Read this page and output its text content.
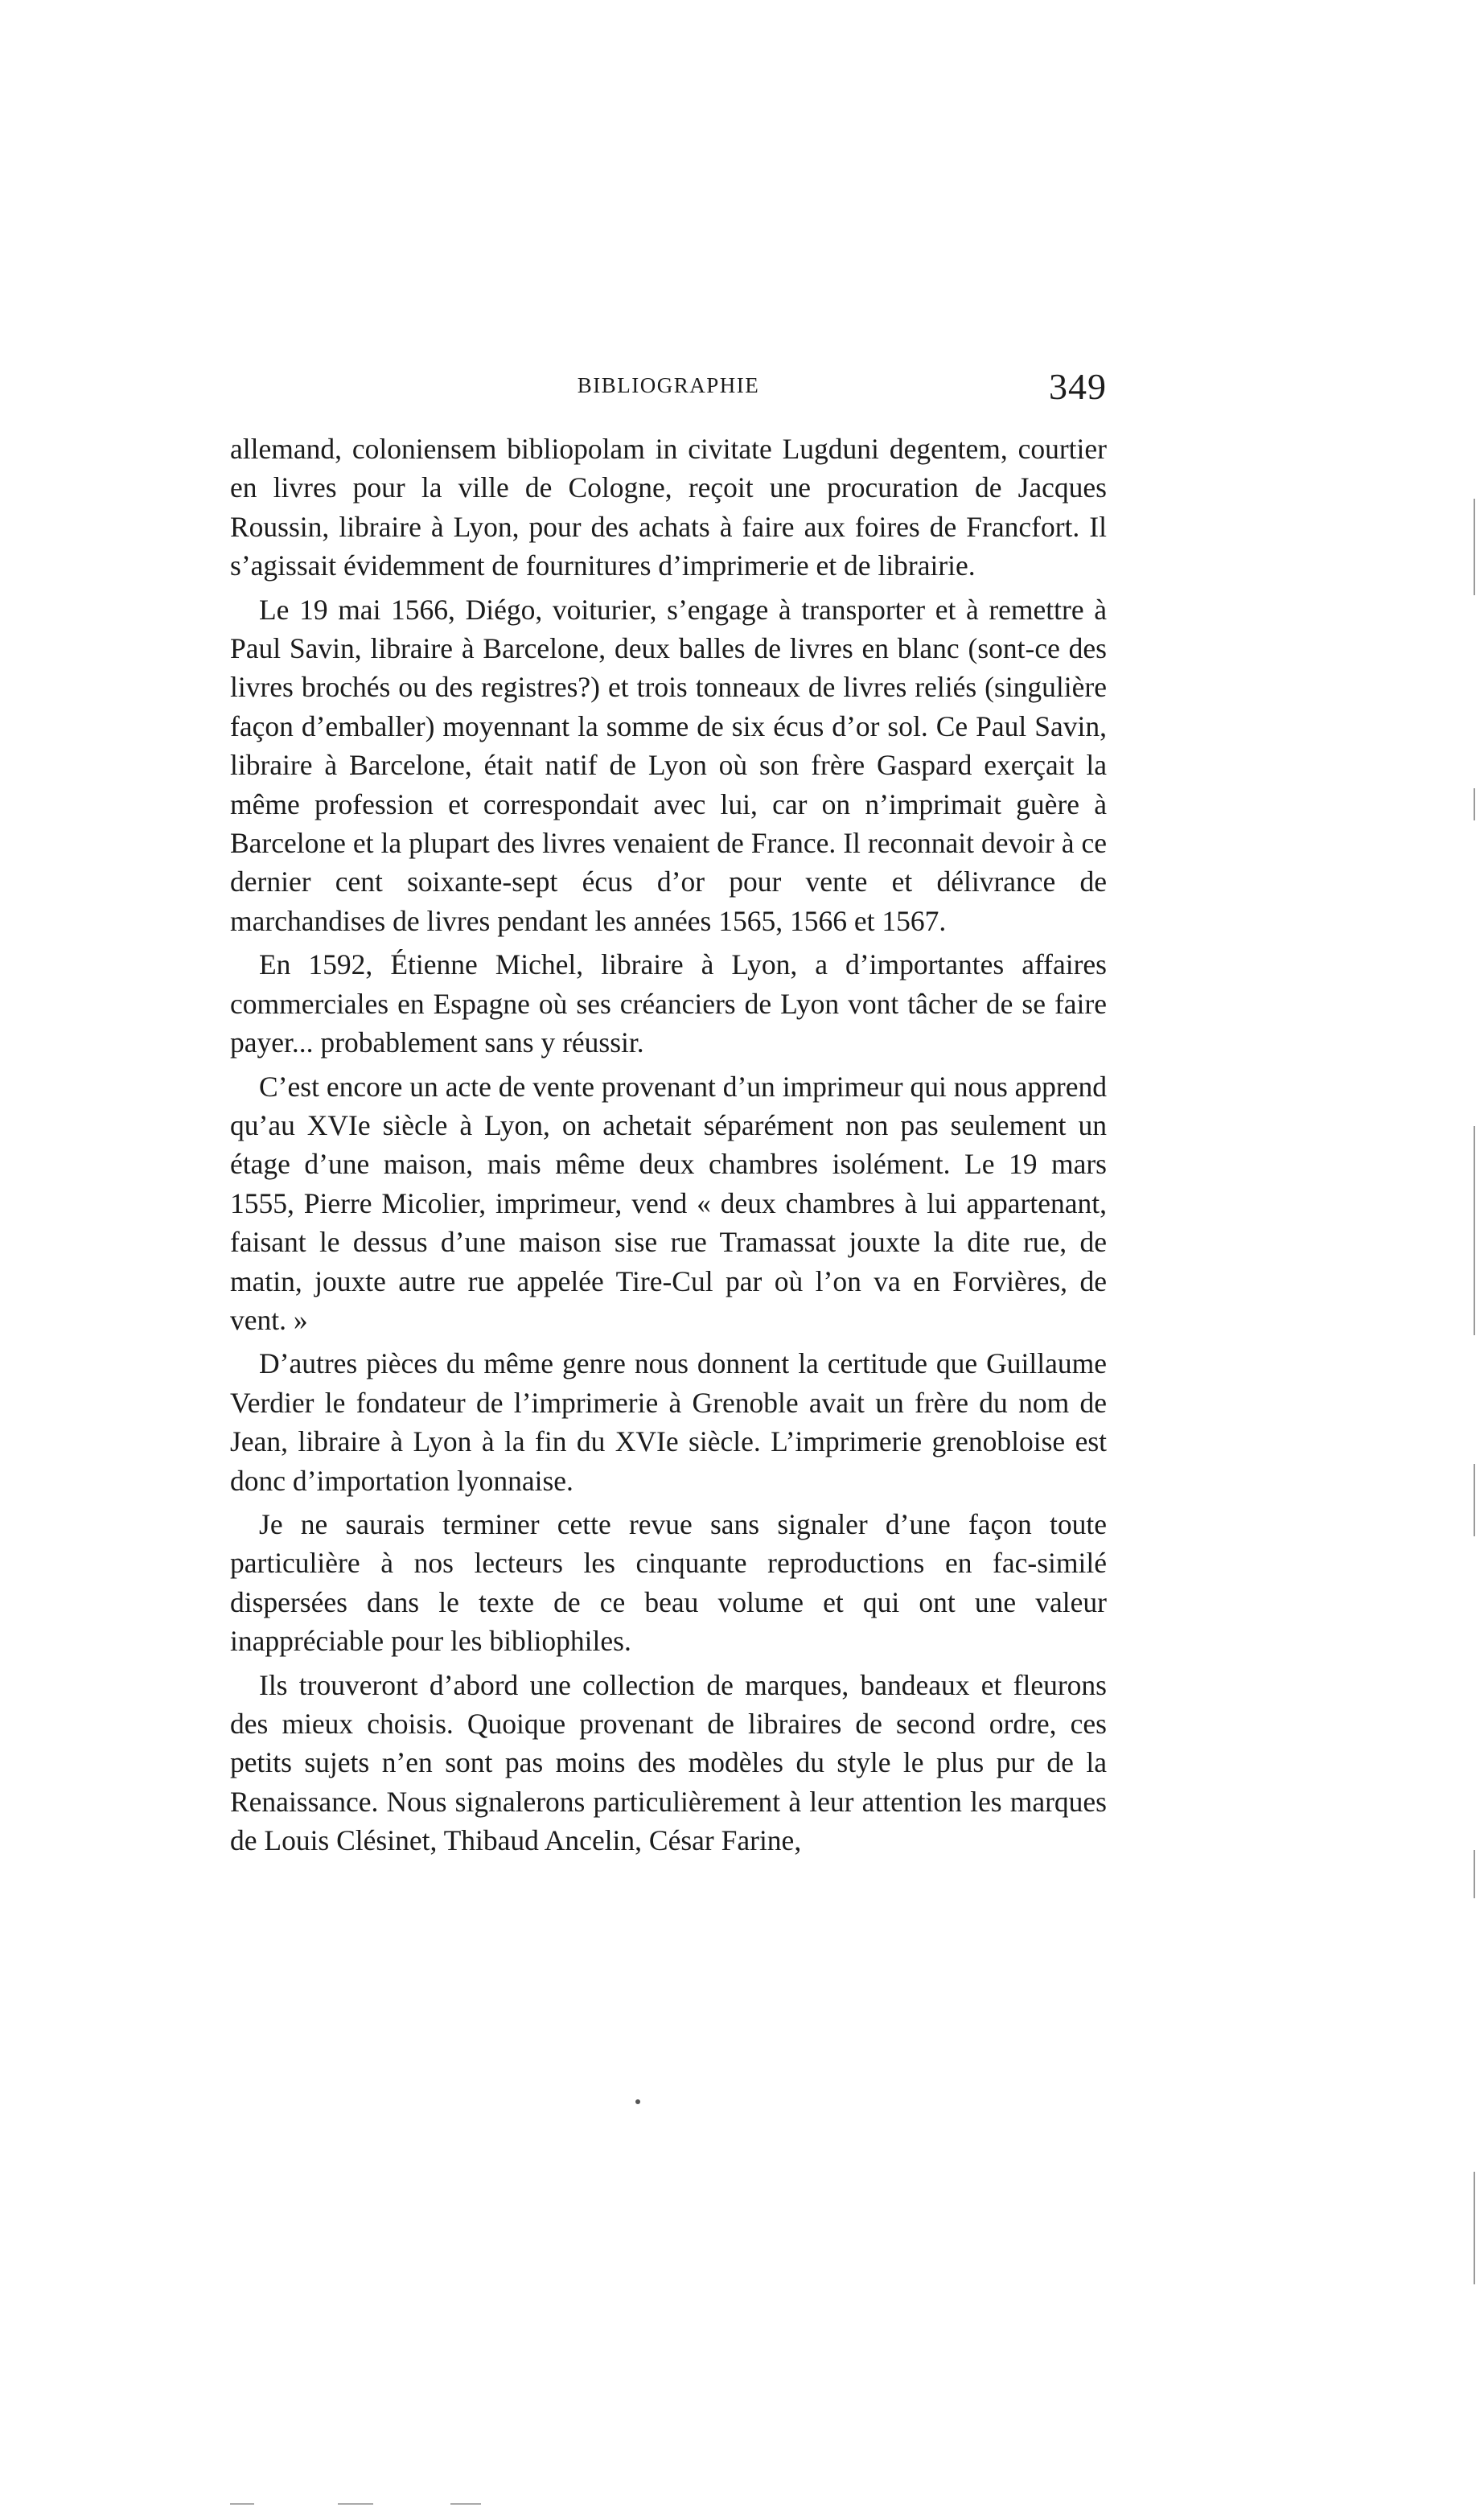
BIBLIOGRAPHIE	349

allemand, coloniensem bibliopolam in civitate Lugduni degentem, courtier en livres pour la ville de Cologne, reçoit une procuration de Jacques Roussin, libraire à Lyon, pour des achats à faire aux foires de Francfort. Il s’agissait évidemment de fournitures d’imprimerie et de librairie.

Le 19 mai 1566, Diégo, voiturier, s’engage à transporter et à remettre à Paul Savin, libraire à Barcelone, deux balles de livres en blanc (sont-ce des livres brochés ou des registres?) et trois tonneaux de livres reliés (singulière façon d’emballer) moyennant la somme de six écus d’or sol. Ce Paul Savin, libraire à Barcelone, était natif de Lyon où son frère Gaspard exerçait la même profession et correspondait avec lui, car on n’imprimait guère à Barcelone et la plupart des livres venaient de France. Il reconnait devoir à ce dernier cent soixante-sept écus d’or pour vente et délivrance de marchandises de livres pendant les années 1565, 1566 et 1567.

En 1592, Étienne Michel, libraire à Lyon, a d’importantes affaires commerciales en Espagne où ses créanciers de Lyon vont tâcher de se faire payer... probablement sans y réussir.

C’est encore un acte de vente provenant d’un imprimeur qui nous apprend qu’au XVIe siècle à Lyon, on achetait séparément non pas seulement un étage d’une maison, mais même deux chambres isolément. Le 19 mars 1555, Pierre Micolier, imprimeur, vend « deux chambres à lui appartenant, faisant le dessus d’une maison sise rue Tramassat jouxte la dite rue, de matin, jouxte autre rue appelée Tire-Cul par où l’on va en Forvières, de vent. »

D’autres pièces du même genre nous donnent la certitude que Guillaume Verdier le fondateur de l’imprimerie à Grenoble avait un frère du nom de Jean, libraire à Lyon à la fin du XVIe siècle. L’imprimerie grenobloise est donc d’importation lyonnaise.

Je ne saurais terminer cette revue sans signaler d’une façon toute particulière à nos lecteurs les cinquante reproductions en fac-similé dispersées dans le texte de ce beau volume et qui ont une valeur inappréciable pour les bibliophiles.

Ils trouveront d’abord une collection de marques, bandeaux et fleurons des mieux choisis. Quoique provenant de libraires de second ordre, ces petits sujets n’en sont pas moins des modèles du style le plus pur de la Renaissance. Nous signalerons particulièrement à leur attention les marques de Louis Clésinet, Thibaud Ancelin, César Farine,
